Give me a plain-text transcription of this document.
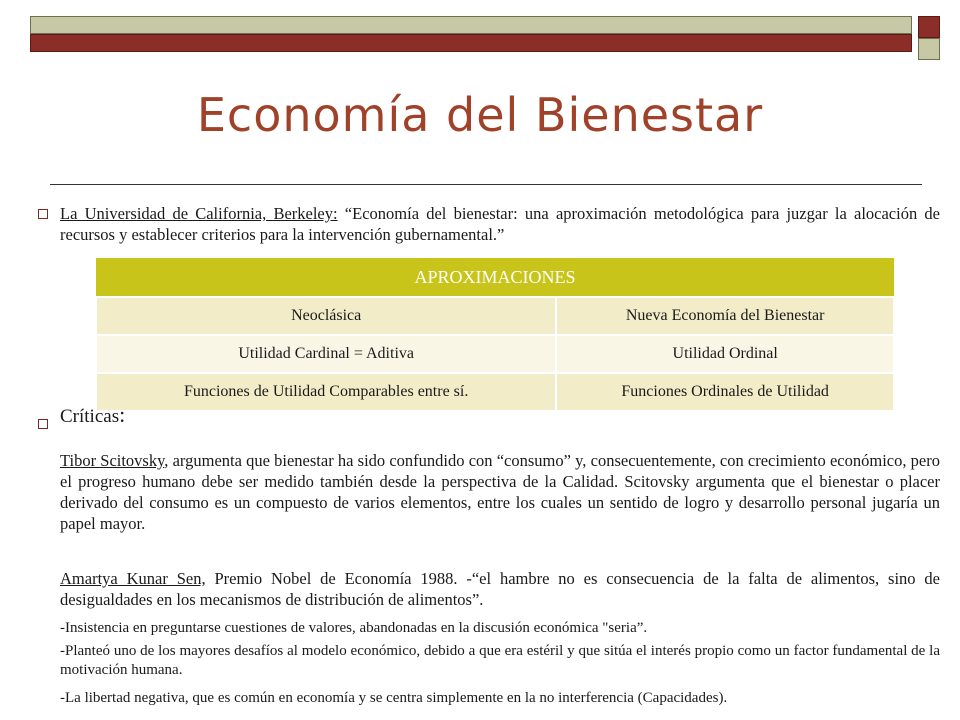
Economía del Bienestar
La Universidad de California, Berkeley: “Economía del bienestar: una aproximación metodológica para juzgar la alocación de recursos y establecer criterios para la intervención gubernamental.”
APROXIMACIONES	
Neoclásica	Nueva Economía del Bienestar
Utilidad Cardinal = Aditiva	Utilidad Ordinal
Funciones de Utilidad Comparables entre sí.	Funciones Ordinales de Utilidad
Críticas:
Tibor Scitovsky, argumenta que bienestar ha sido confundido con “consumo” y, consecuentemente, con crecimiento económico, pero el progreso humano debe ser medido también desde la perspectiva de la Calidad. Scitovsky argumenta que el bienestar o placer derivado del consumo es un compuesto de varios elementos, entre los cuales un sentido de logro y desarrollo personal jugaría un papel mayor.
Amartya Kunar Sen, Premio Nobel de Economía 1988. -“el hambre no es consecuencia de la falta de alimentos, sino de desigualdades en los mecanismos de distribución de alimentos”.
-Insistencia en preguntarse cuestiones de valores, abandonadas en la discusión económica "seria”.
-Planteó uno de los mayores desafíos al modelo económico, debido a que era estéril y que sitúa el interés propio como un factor fundamental de la motivación humana.
-La libertad negativa, que es común en economía y se centra simplemente en la no interferencia (Capacidades).
